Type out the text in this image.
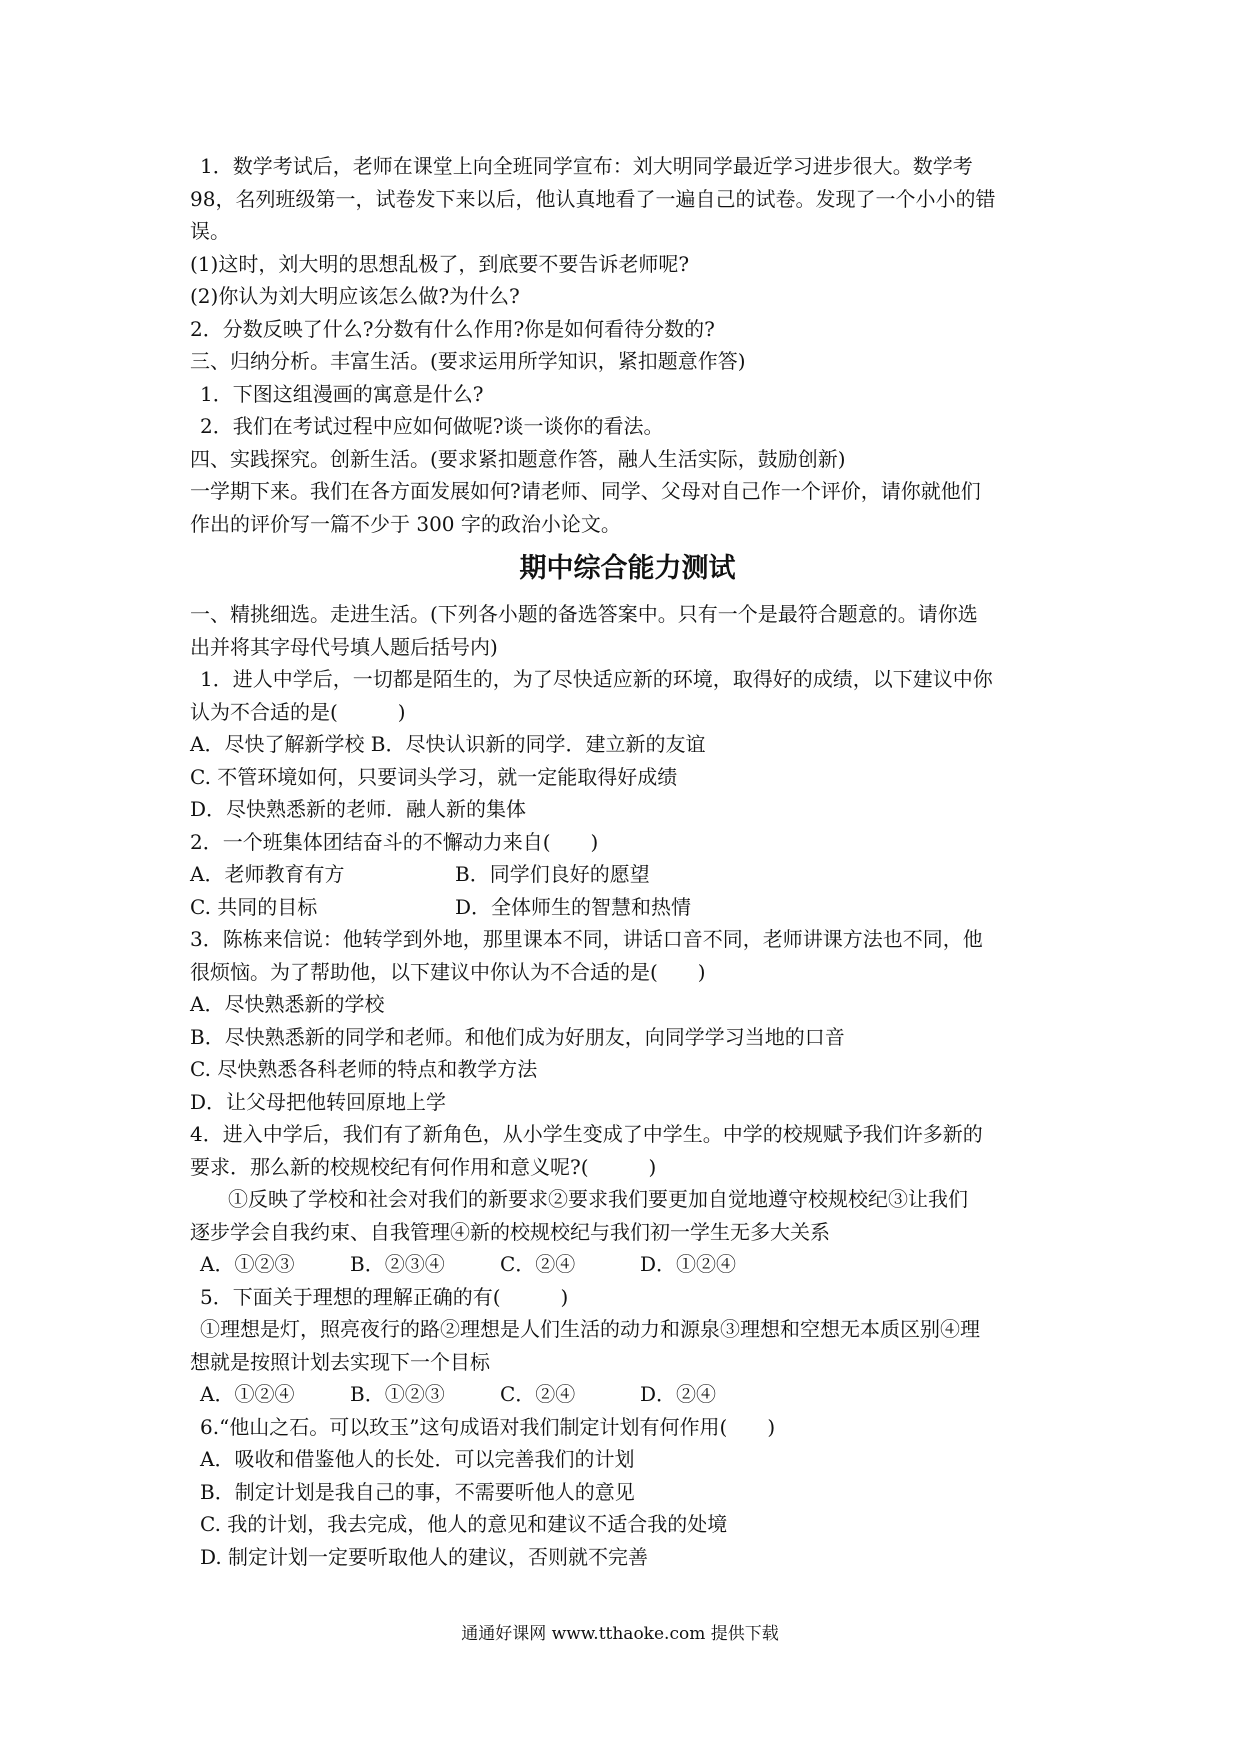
1．数学考试后，老师在课堂上向全班同学宣布：刘大明同学最近学习进步很大。数学考
98，名列班级第一，试卷发下来以后，他认真地看了一遍自己的试卷。发现了一个小小的错
误。
(1)这时，刘大明的思想乱极了，到底要不要告诉老师呢?
(2)你认为刘大明应该怎么做?为什么?
2．分数反映了什么?分数有什么作用?你是如何看待分数的?
三、归纳分析。丰富生活。(要求运用所学知识，紧扣题意作答)
1．下图这组漫画的寓意是什么?
2．我们在考试过程中应如何做呢?谈一谈你的看法。
四、实践探究。创新生活。(要求紧扣题意作答，融人生活实际，鼓励创新)
一学期下来。我们在各方面发展如何?请老师、同学、父母对自己作一个评价，请你就他们
作出的评价写一篇不少于 300 字的政治小论文。
期中综合能力测试
一、精挑细选。走进生活。(下列各小题的备选答案中。只有一个是最符合题意的。请你选
出并将其字母代号填人题后括号内)
1．进人中学后，一切都是陌生的，为了尽快适应新的环境，取得好的成绩，以下建议中你
认为不合适的是(　　　)
A．尽快了解新学校 B．尽快认识新的同学．建立新的友谊
C. 不管环境如何，只要词头学习，就一定能取得好成绩
D．尽快熟悉新的老师．融人新的集体
2．一个班集体团结奋斗的不懈动力来自(　　)
A．老师教育有方	B．同学们良好的愿望
C. 共同的目标	D．全体师生的智慧和热情
3．陈栋来信说：他转学到外地，那里课本不同，讲话口音不同，老师讲课方法也不同，他
很烦恼。为了帮助他，以下建议中你认为不合适的是(　　)
A．尽快熟悉新的学校
B．尽快熟悉新的同学和老师。和他们成为好朋友，向同学学习当地的口音
C. 尽快熟悉各科老师的特点和教学方法
D．让父母把他转回原地上学
4．进入中学后，我们有了新角色，从小学生变成了中学生。中学的校规赋予我们许多新的
要求．那么新的校规校纪有何作用和意义呢?(　　　)
①反映了学校和社会对我们的新要求②要求我们要更加自觉地遵守校规校纪③让我们
逐步学会自我约束、自我管理④新的校规校纪与我们初一学生无多大关系
A．①②③	B．②③④	C．②④	D．①②④
5．下面关于理想的理解正确的有(　　　)
①理想是灯，照亮夜行的路②理想是人们生活的动力和源泉③理想和空想无本质区别④理
想就是按照计划去实现下一个目标
A．①②④	B．①②③	C．②④	D．②④
6.“他山之石。可以玫玉”这句成语对我们制定计划有何作用(　　)
A．吸收和借鉴他人的长处．可以完善我们的计划
B．制定计划是我自己的事，不需要听他人的意见
C. 我的计划，我去完成，他人的意见和建议不适合我的处境
D. 制定计划一定要听取他人的建议，否则就不完善
通通好课网 www.tthaoke.com 提供下载
